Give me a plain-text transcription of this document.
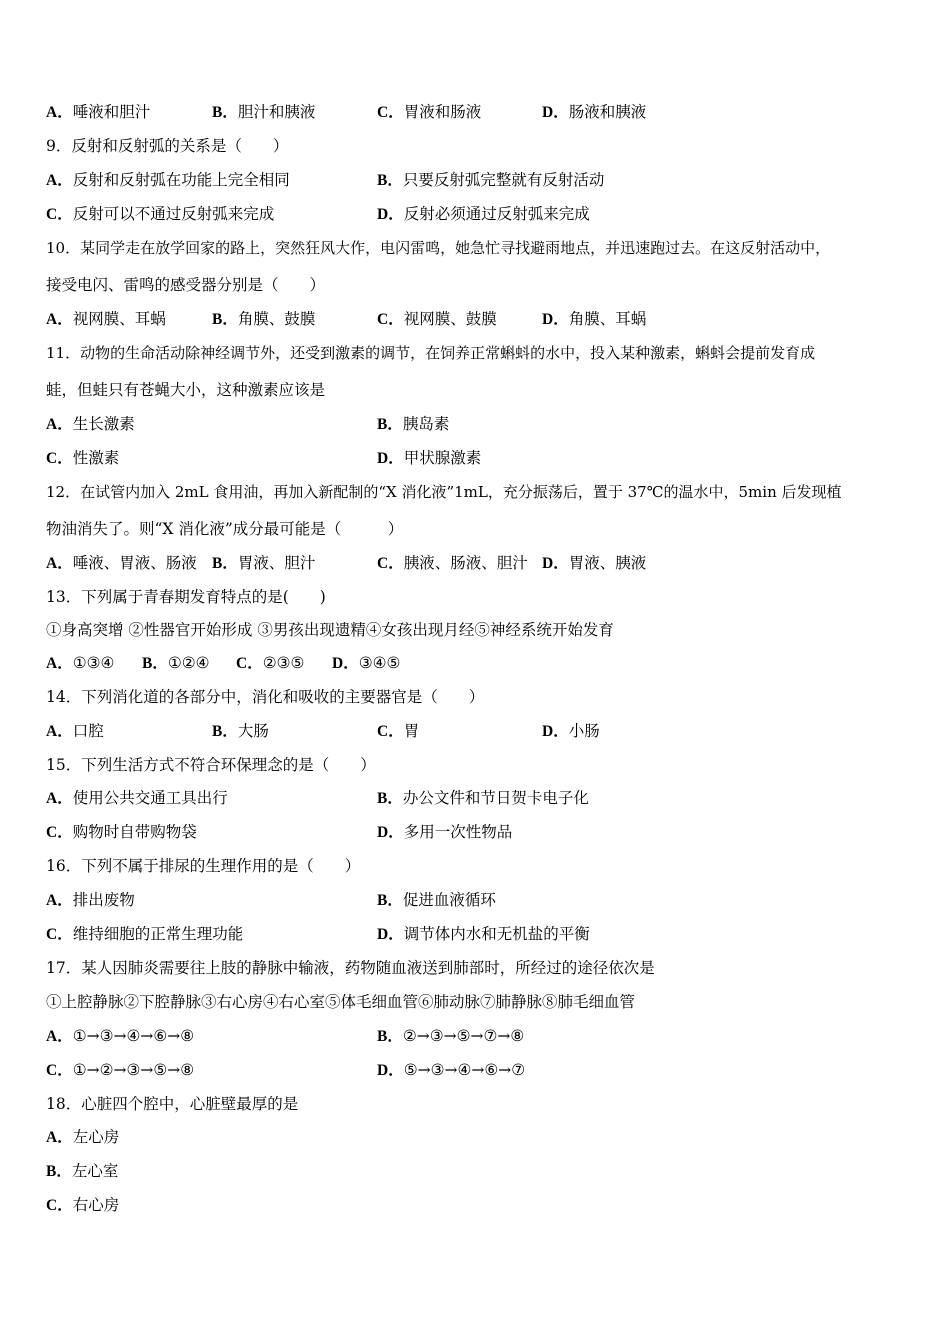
A．唾液和胆汁	B．胆汁和胰液	C．胃液和肠液	D．肠液和胰液
9．反射和反射弧的关系是（　　）
A．反射和反射弧在功能上完全相同	B．只要反射弧完整就有反射活动
C．反射可以不通过反射弧来完成	D．反射必须通过反射弧来完成
10．某同学走在放学回家的路上，突然狂风大作，电闪雷鸣，她急忙寻找避雨地点，并迅速跑过去。在这反射活动中，
接受电闪、雷鸣的感受器分别是（　　）
A．视网膜、耳蜗	B．角膜、鼓膜	C．视网膜、鼓膜	D．角膜、耳蜗
11．动物的生命活动除神经调节外，还受到激素的调节，在饲养正常蝌蚪的水中，投入某种激素，蝌蚪会提前发育成
蛙，但蛙只有苍蝇大小，这种激素应该是
A．生长激素	B．胰岛素
C．性激素	D．甲状腺激素
12．在试管内加入 2mL 食用油，再加入新配制的“X 消化液”1mL，充分振荡后，置于 37℃的温水中，5min 后发现植
物油消失了。则“X 消化液”成分最可能是（　　　）
A．唾液、胃液、肠液 B．胃液、胆汁	C．胰液、肠液、胆汁 D．胃液、胰液
13．下列属于青春期发育特点的是(　　)
①身高突增 ②性器官开始形成 ③男孩出现遗精④女孩出现月经⑤神经系统开始发育
A．①③④ B．①②④ C．②③⑤ D．③④⑤
14．下列消化道的各部分中，消化和吸收的主要器官是（　　）
A．口腔	B．大肠	C．胃	D．小肠
15．下列生活方式不符合环保理念的是（　　）
A．使用公共交通工具出行	B．办公文件和节日贺卡电子化
C．购物时自带购物袋	D．多用一次性物品
16．下列不属于排尿的生理作用的是（　　）
A．排出废物	B．促进血液循环
C．维持细胞的正常生理功能	D．调节体内水和无机盐的平衡
17．某人因肺炎需要往上肢的静脉中输液，药物随血液送到肺部时，所经过的途径依次是
①上腔静脉②下腔静脉③右心房④右心室⑤体毛细血管⑥肺动脉⑦肺静脉⑧肺毛细血管
A．①→③→④→⑥→⑧	B．②→③→⑤→⑦→⑧
C．①→②→③→⑤→⑧	D．⑤→③→④→⑥→⑦
18．心脏四个腔中，心脏壁最厚的是
A．左心房
B．左心室
C．右心房
